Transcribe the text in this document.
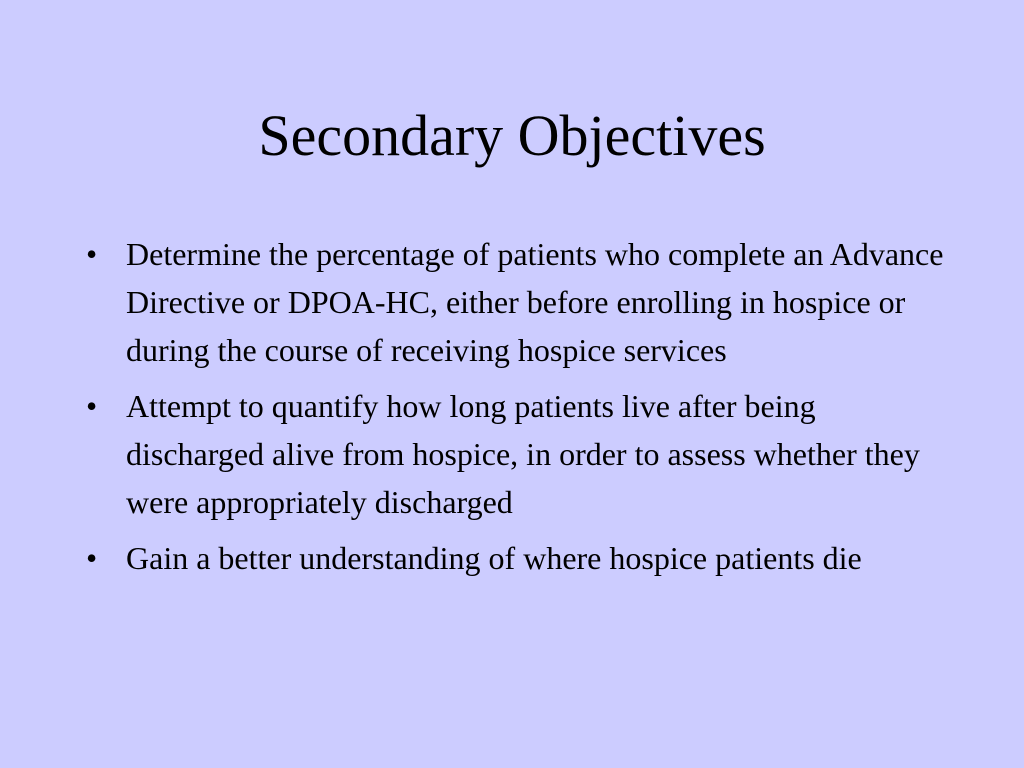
Secondary Objectives
• Determine the percentage of patients who complete an Advance Directive or DPOA-HC, either before enrolling in hospice or during the course of receiving hospice services
• Attempt to quantify how long patients live after being discharged alive from hospice, in order to assess whether they were appropriately discharged
• Gain a better understanding of where hospice patients die
